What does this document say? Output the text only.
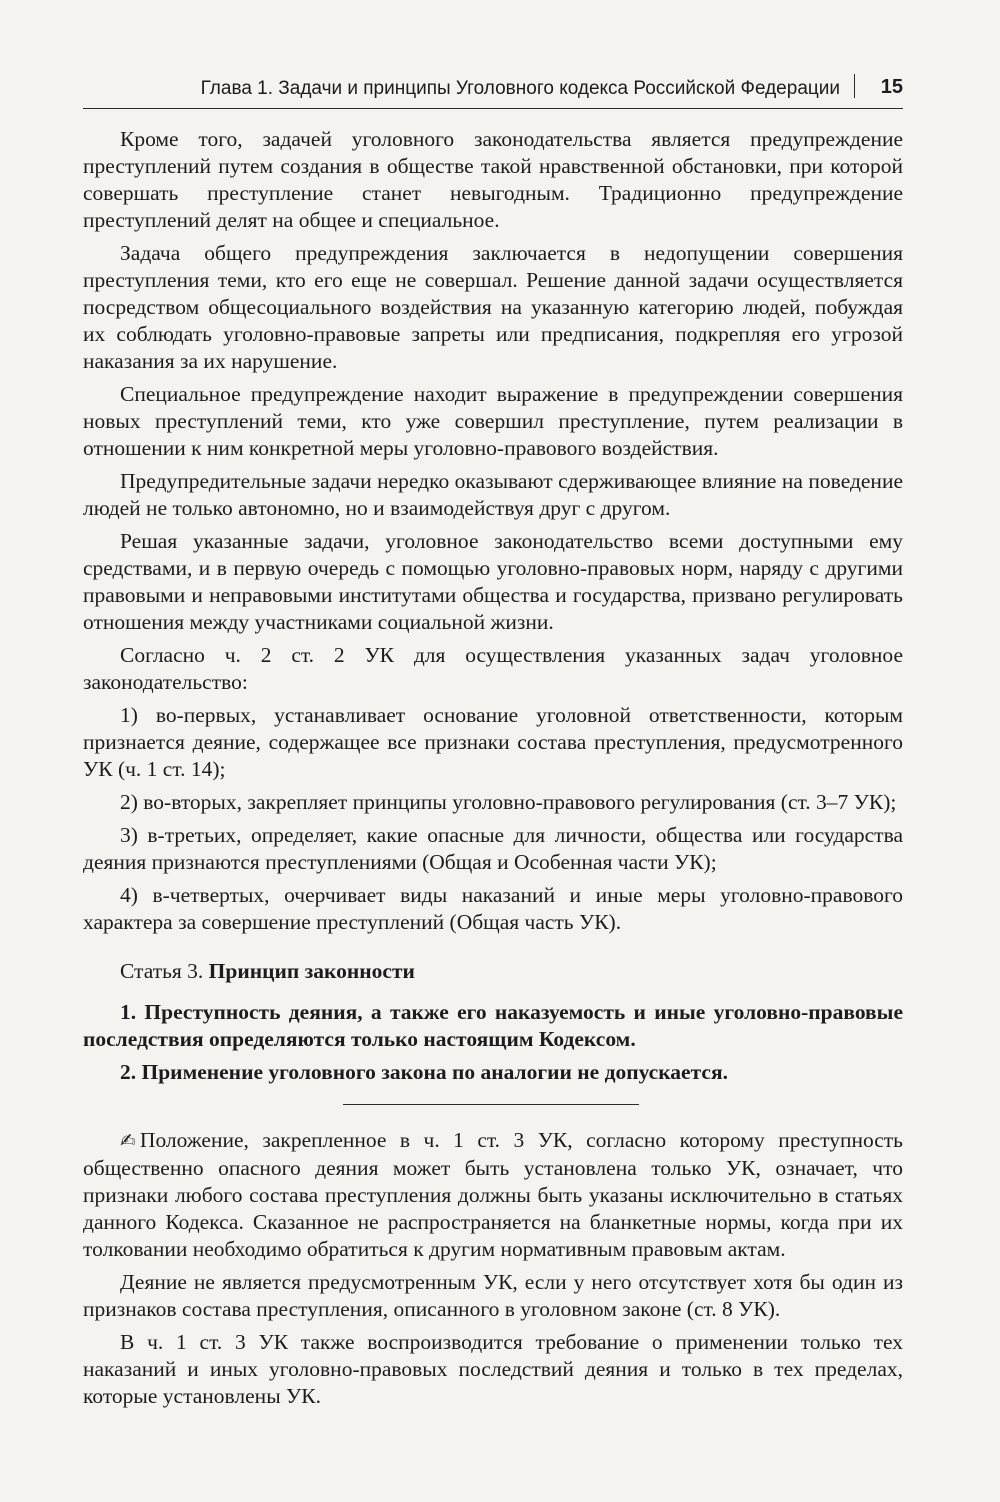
Глава 1. Задачи и принципы Уголовного кодекса Российской Федерации 15

Кроме того, задачей уголовного законодательства является предупреждение преступлений путем создания в обществе такой нравственной обстановки, при которой совершать преступление станет невыгодным. Традиционно предупреждение преступлений делят на общее и специальное.

Задача общего предупреждения заключается в недопущении совершения преступления теми, кто его еще не совершал. Решение данной задачи осуществляется посредством общесоциального воздействия на указанную категорию людей, побуждая их соблюдать уголовно-правовые запреты или предписания, подкрепляя его угрозой наказания за их нарушение.

Специальное предупреждение находит выражение в предупреждении совершения новых преступлений теми, кто уже совершил преступление, путем реализации в отношении к ним конкретной меры уголовно-правового воздействия.

Предупредительные задачи нередко оказывают сдерживающее влияние на поведение людей не только автономно, но и взаимодействуя друг с другом.

Решая указанные задачи, уголовное законодательство всеми доступными ему средствами, и в первую очередь с помощью уголовно-правовых норм, наряду с другими правовыми и неправовыми институтами общества и государства, призвано регулировать отношения между участниками социальной жизни.

Согласно ч. 2 ст. 2 УК для осуществления указанных задач уголовное законодательство:

1) во-первых, устанавливает основание уголовной ответственности, которым признается деяние, содержащее все признаки состава преступления, предусмотренного УК (ч. 1 ст. 14);

2) во-вторых, закрепляет принципы уголовно-правового регулирования (ст. 3–7 УК);

3) в-третьих, определяет, какие опасные для личности, общества или государства деяния признаются преступлениями (Общая и Особенная части УК);

4) в-четвертых, очерчивает виды наказаний и иные меры уголовно-правового характера за совершение преступлений (Общая часть УК).

Статья 3. Принцип законности

1. Преступность деяния, а также его наказуемость и иные уголовно-правовые последствия определяются только настоящим Кодексом.

2. Применение уголовного закона по аналогии не допускается.

✍ Положение, закрепленное в ч. 1 ст. 3 УК, согласно которому преступность общественно опасного деяния может быть установлена только УК, означает, что признаки любого состава преступления должны быть указаны исключительно в статьях данного Кодекса. Сказанное не распространяется на бланкетные нормы, когда при их толковании необходимо обратиться к другим нормативным правовым актам.

Деяние не является предусмотренным УК, если у него отсутствует хотя бы один из признаков состава преступления, описанного в уголовном законе (ст. 8 УК).

В ч. 1 ст. 3 УК также воспроизводится требование о применении только тех наказаний и иных уголовно-правовых последствий деяния и только в тех пределах, которые установлены УК.
